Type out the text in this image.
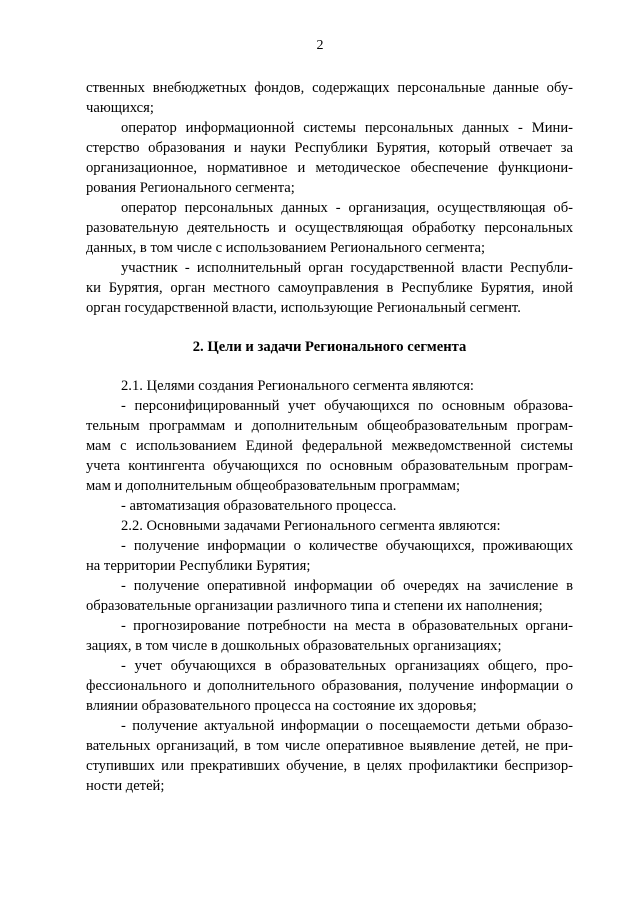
2
ственных внебюджетных фондов, содержащих персональные данные обу-
чающихся;
оператор информационной системы персональных данных - Мини-
стерство образования и науки Республики Бурятия, который отвечает за
организационное, нормативное и методическое обеспечение функциони-
рования Регионального сегмента;
оператор персональных данных - организация, осуществляющая об-
разовательную деятельность и осуществляющая обработку персональных
данных, в том числе с использованием Регионального сегмента;
участник - исполнительный орган государственной власти Республи-
ки Бурятия, орган местного самоуправления в Республике Бурятия, иной
орган государственной власти, использующие Региональный сегмент.
2. Цели и задачи Регионального сегмента
2.1. Целями создания Регионального сегмента являются:
- персонифицированный учет обучающихся по основным образова-
тельным программам и дополнительным общеобразовательным програм-
мам с использованием Единой федеральной межведомственной системы
учета контингента обучающихся по основным образовательным програм-
мам и дополнительным общеобразовательным программам;
- автоматизация образовательного процесса.
2.2. Основными задачами Регионального сегмента являются:
- получение информации о количестве обучающихся, проживающих
на территории Республики Бурятия;
- получение оперативной информации об очередях на зачисление в
образовательные организации различного типа и степени их наполнения;
- прогнозирование потребности на места в образовательных органи-
зациях, в том числе в дошкольных образовательных организациях;
- учет обучающихся в образовательных организациях общего, про-
фессионального и дополнительного образования, получение информации о
влиянии образовательного процесса на состояние их здоровья;
- получение актуальной информации о посещаемости детьми образо-
вательных организаций, в том числе оперативное выявление детей, не при-
ступивших или прекративших обучение, в целях профилактики беспризор-
ности детей;
